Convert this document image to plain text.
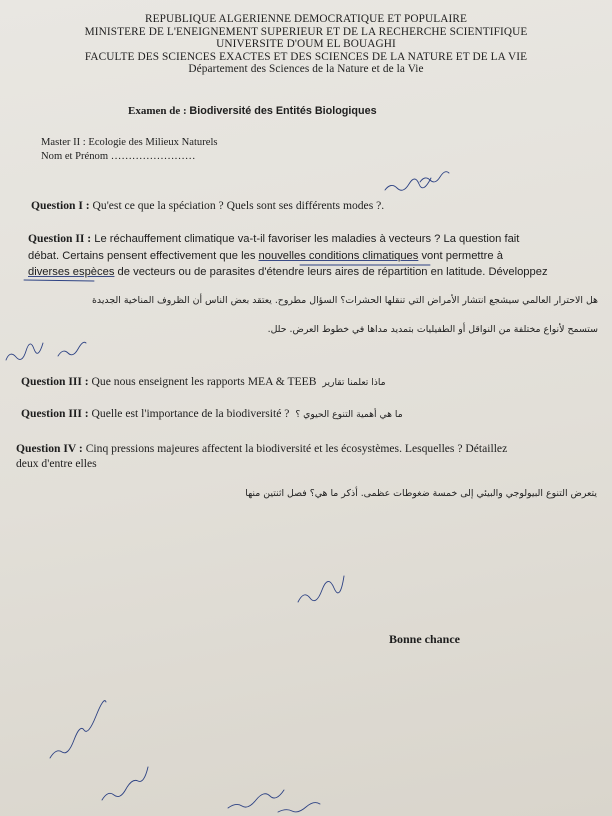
REPUBLIQUE ALGERIENNE DEMOCRATIQUE ET POPULAIRE
MINISTERE DE L'ENEIGNEMENT SUPERIEUR ET DE LA RECHERCHE SCIENTIFIQUE
UNIVERSITE D'OUM EL BOUAGHI
FACULTE DES SCIENCES EXACTES ET DES SCIENCES DE LA NATURE ET DE LA VIE
Département des Sciences de la Nature et de la Vie
Examen de : Biodiversité des Entités Biologiques
Master II : Ecologie des Milieux Naturels
Nom et Prénom ……………………
Question I : Qu'est ce que la spéciation ? Quels sont ses différents modes ?.
Question II : Le réchauffement climatique va-t-il favoriser les maladies à vecteurs ? La question fait
débat. Certains pensent effectivement que les nouvelles conditions climatiques vont permettre à
diverses espèces de vecteurs ou de parasites d'étendre leurs aires de répartition en latitude. Développez
هل الاحترار العالمي سيشجع انتشار الأمراض التي تنقلها الحشرات؟ السؤال مطروح. يعتقد بعض الناس أن الظروف المناخية الجديدة
ستسمح لأنواع مختلفة من النواقل أو الطفيليات بتمديد مداها في خطوط العرض. حلل.
Question III : Que nous enseignent les rapports MEA & TEEB ماذا تعلمنا تقارير
Question III : Quelle est l'importance de la biodiversité ? ما هي أهمية التنوع الحيوي ؟
Question IV : Cinq pressions majeures affectent la biodiversité et les écosystèmes. Lesquelles ? Détaillez
deux d'entre elles
يتعرض التنوع البيولوجي والبيئي إلى خمسة ضغوطات عظمى. أذكر ما هي؟ فصل اثنتين منها
Bonne chance
